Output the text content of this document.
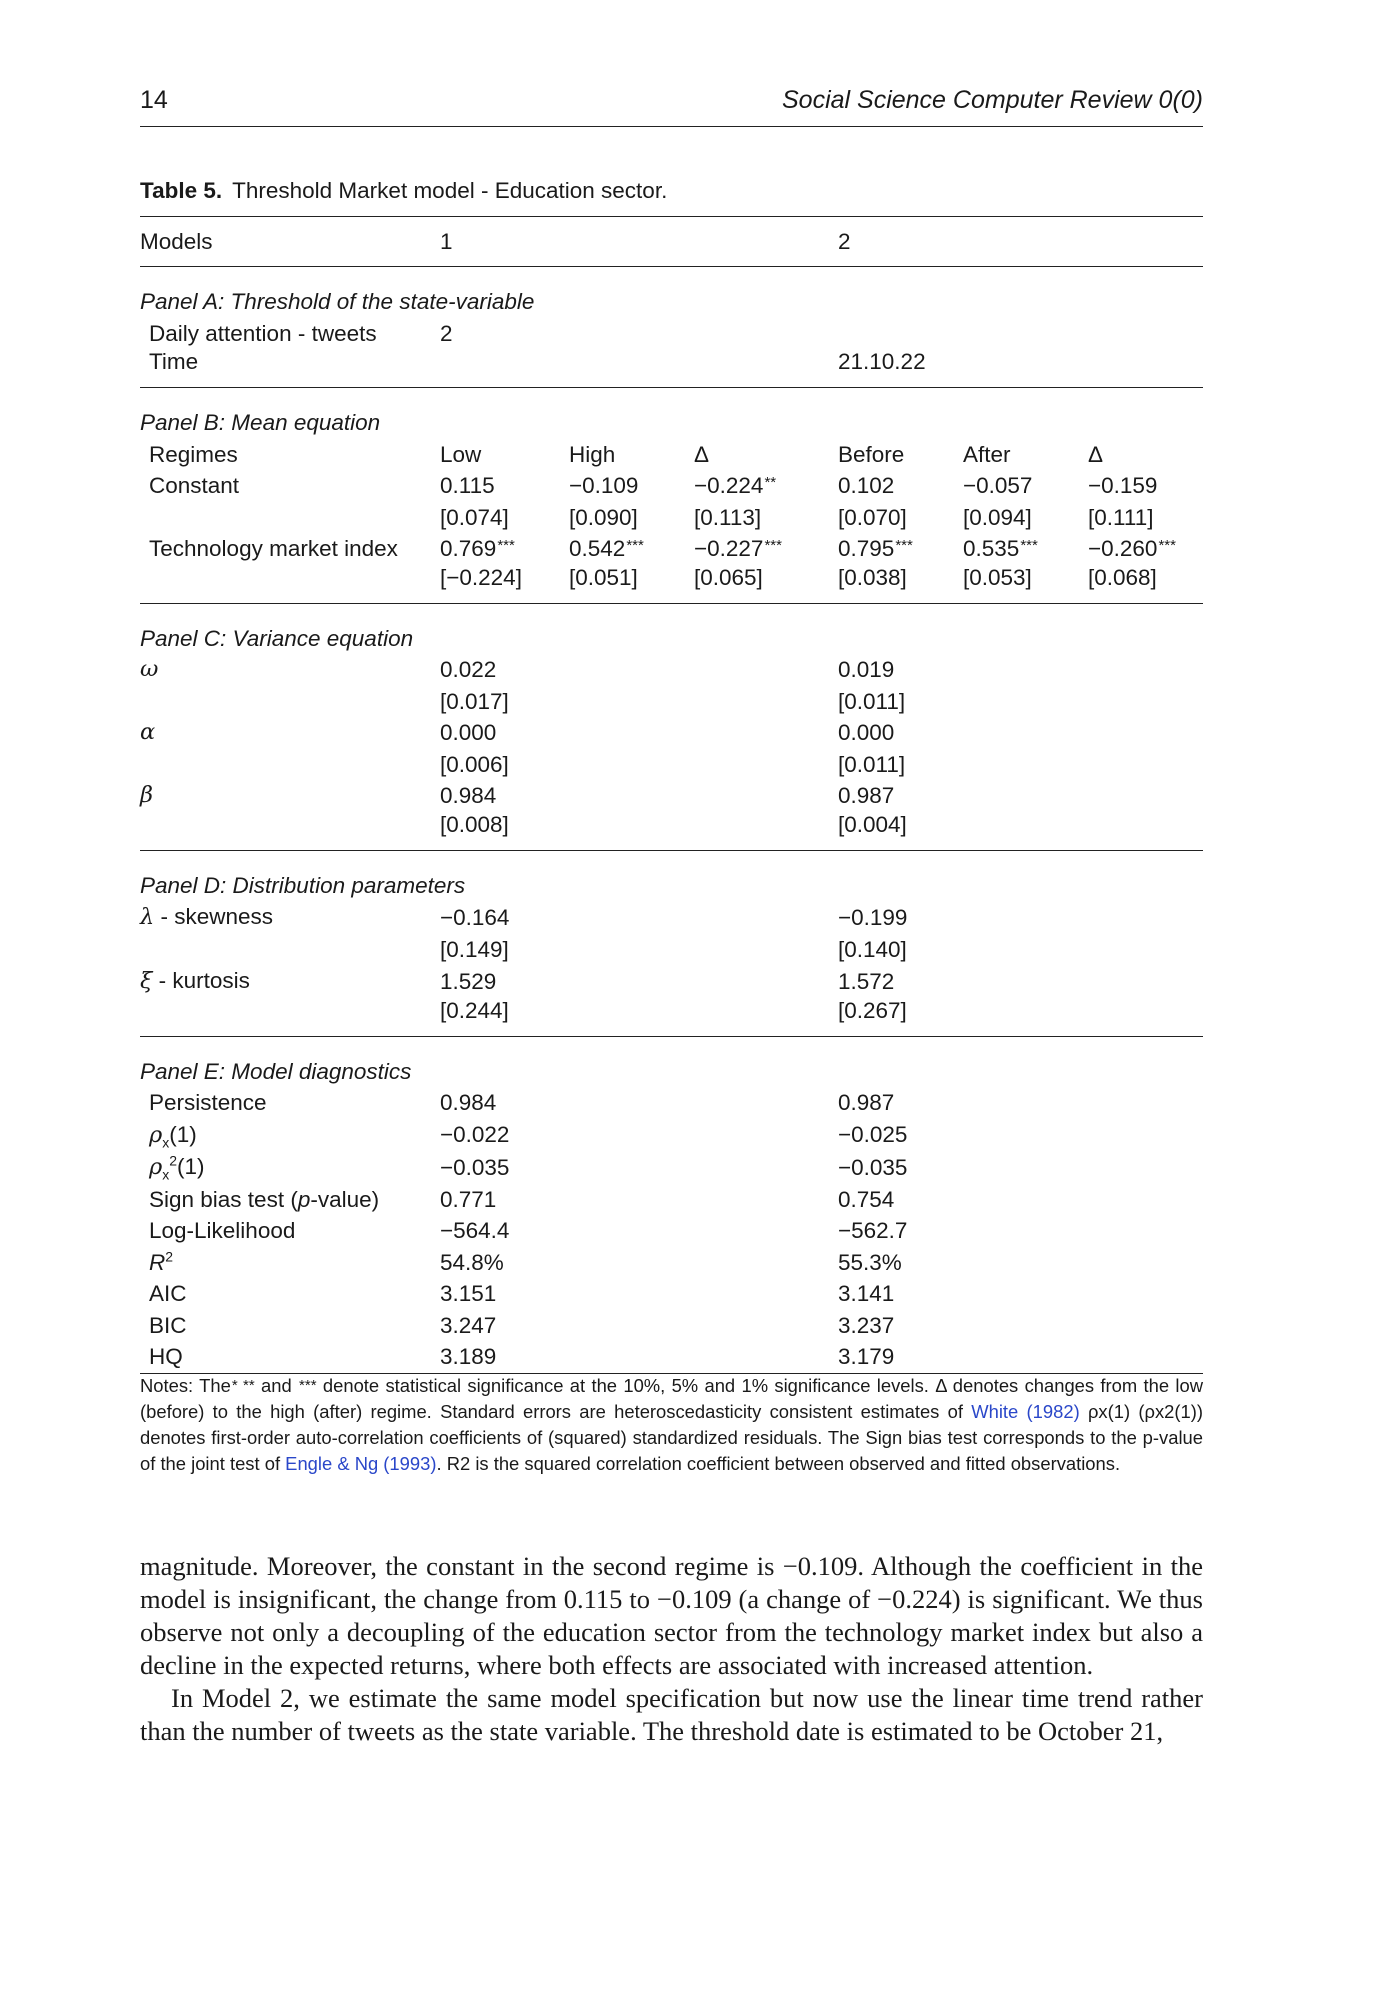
14	Social Science Computer Review 0(0)
Table 5. Threshold Market model - Education sector.
Models	1			2		

Panel A: Threshold of the state-variable						
Daily attention - tweets	2					
Time				21.10.22		

Panel B: Mean equation						
Regimes	Low	High	Δ	Before	After	Δ
Constant	0.115	−0.109	−0.224**	0.102	−0.057	−0.159
	[0.074]	[0.090]	[0.113]	[0.070]	[0.094]	[0.111]
Technology market index	0.769***	0.542***	−0.227***	0.795***	0.535***	−0.260***
	[−0.224]	[0.051]	[0.065]	[0.038]	[0.053]	[0.068]

Panel C: Variance equation						
ω	0.022			0.019		
	[0.017]			[0.011]		
α	0.000			0.000		
	[0.006]			[0.011]		
β	0.984			0.987		
	[0.008]			[0.004]		

Panel D: Distribution parameters						
λ - skewness	−0.164			−0.199		
	[0.149]			[0.140]		
ξ - kurtosis	1.529			1.572		
	[0.244]			[0.267]		

Panel E: Model diagnostics						
Persistence	0.984			0.987		
$\rho_x(1)$	−0.022			−0.025		
$\rho_x^2(1)$	−0.035			−0.035		
Sign bias test (p-value)	0.771			0.754		
Log-Likelihood	−564.4			−562.7		
$R^2$	54.8%			55.3%		
AIC	3.151			3.141		
BIC	3.247			3.237		
HQ	3.189			3.179		

Notes: The* ** and *** denote statistical significance at the 10%, 5% and 1% significance levels. Δ denotes changes from the low (before) to the high (after) regime. Standard errors are heteroscedasticity consistent estimates of White (1982) ρx(1) (ρx2(1)) denotes first-order auto-correlation coefficients of (squared) standardized residuals. The Sign bias test corresponds to the p-value of the joint test of Engle & Ng (1993). R2 is the squared correlation coefficient between observed and fitted observations.

magnitude. Moreover, the constant in the second regime is −0.109. Although the coefficient in the model is insignificant, the change from 0.115 to −0.109 (a change of −0.224) is significant. We thus observe not only a decoupling of the education sector from the technology market index but also a decline in the expected returns, where both effects are associated with increased attention.

In Model 2, we estimate the same model specification but now use the linear time trend rather than the number of tweets as the state variable. The threshold date is estimated to be October 21,
